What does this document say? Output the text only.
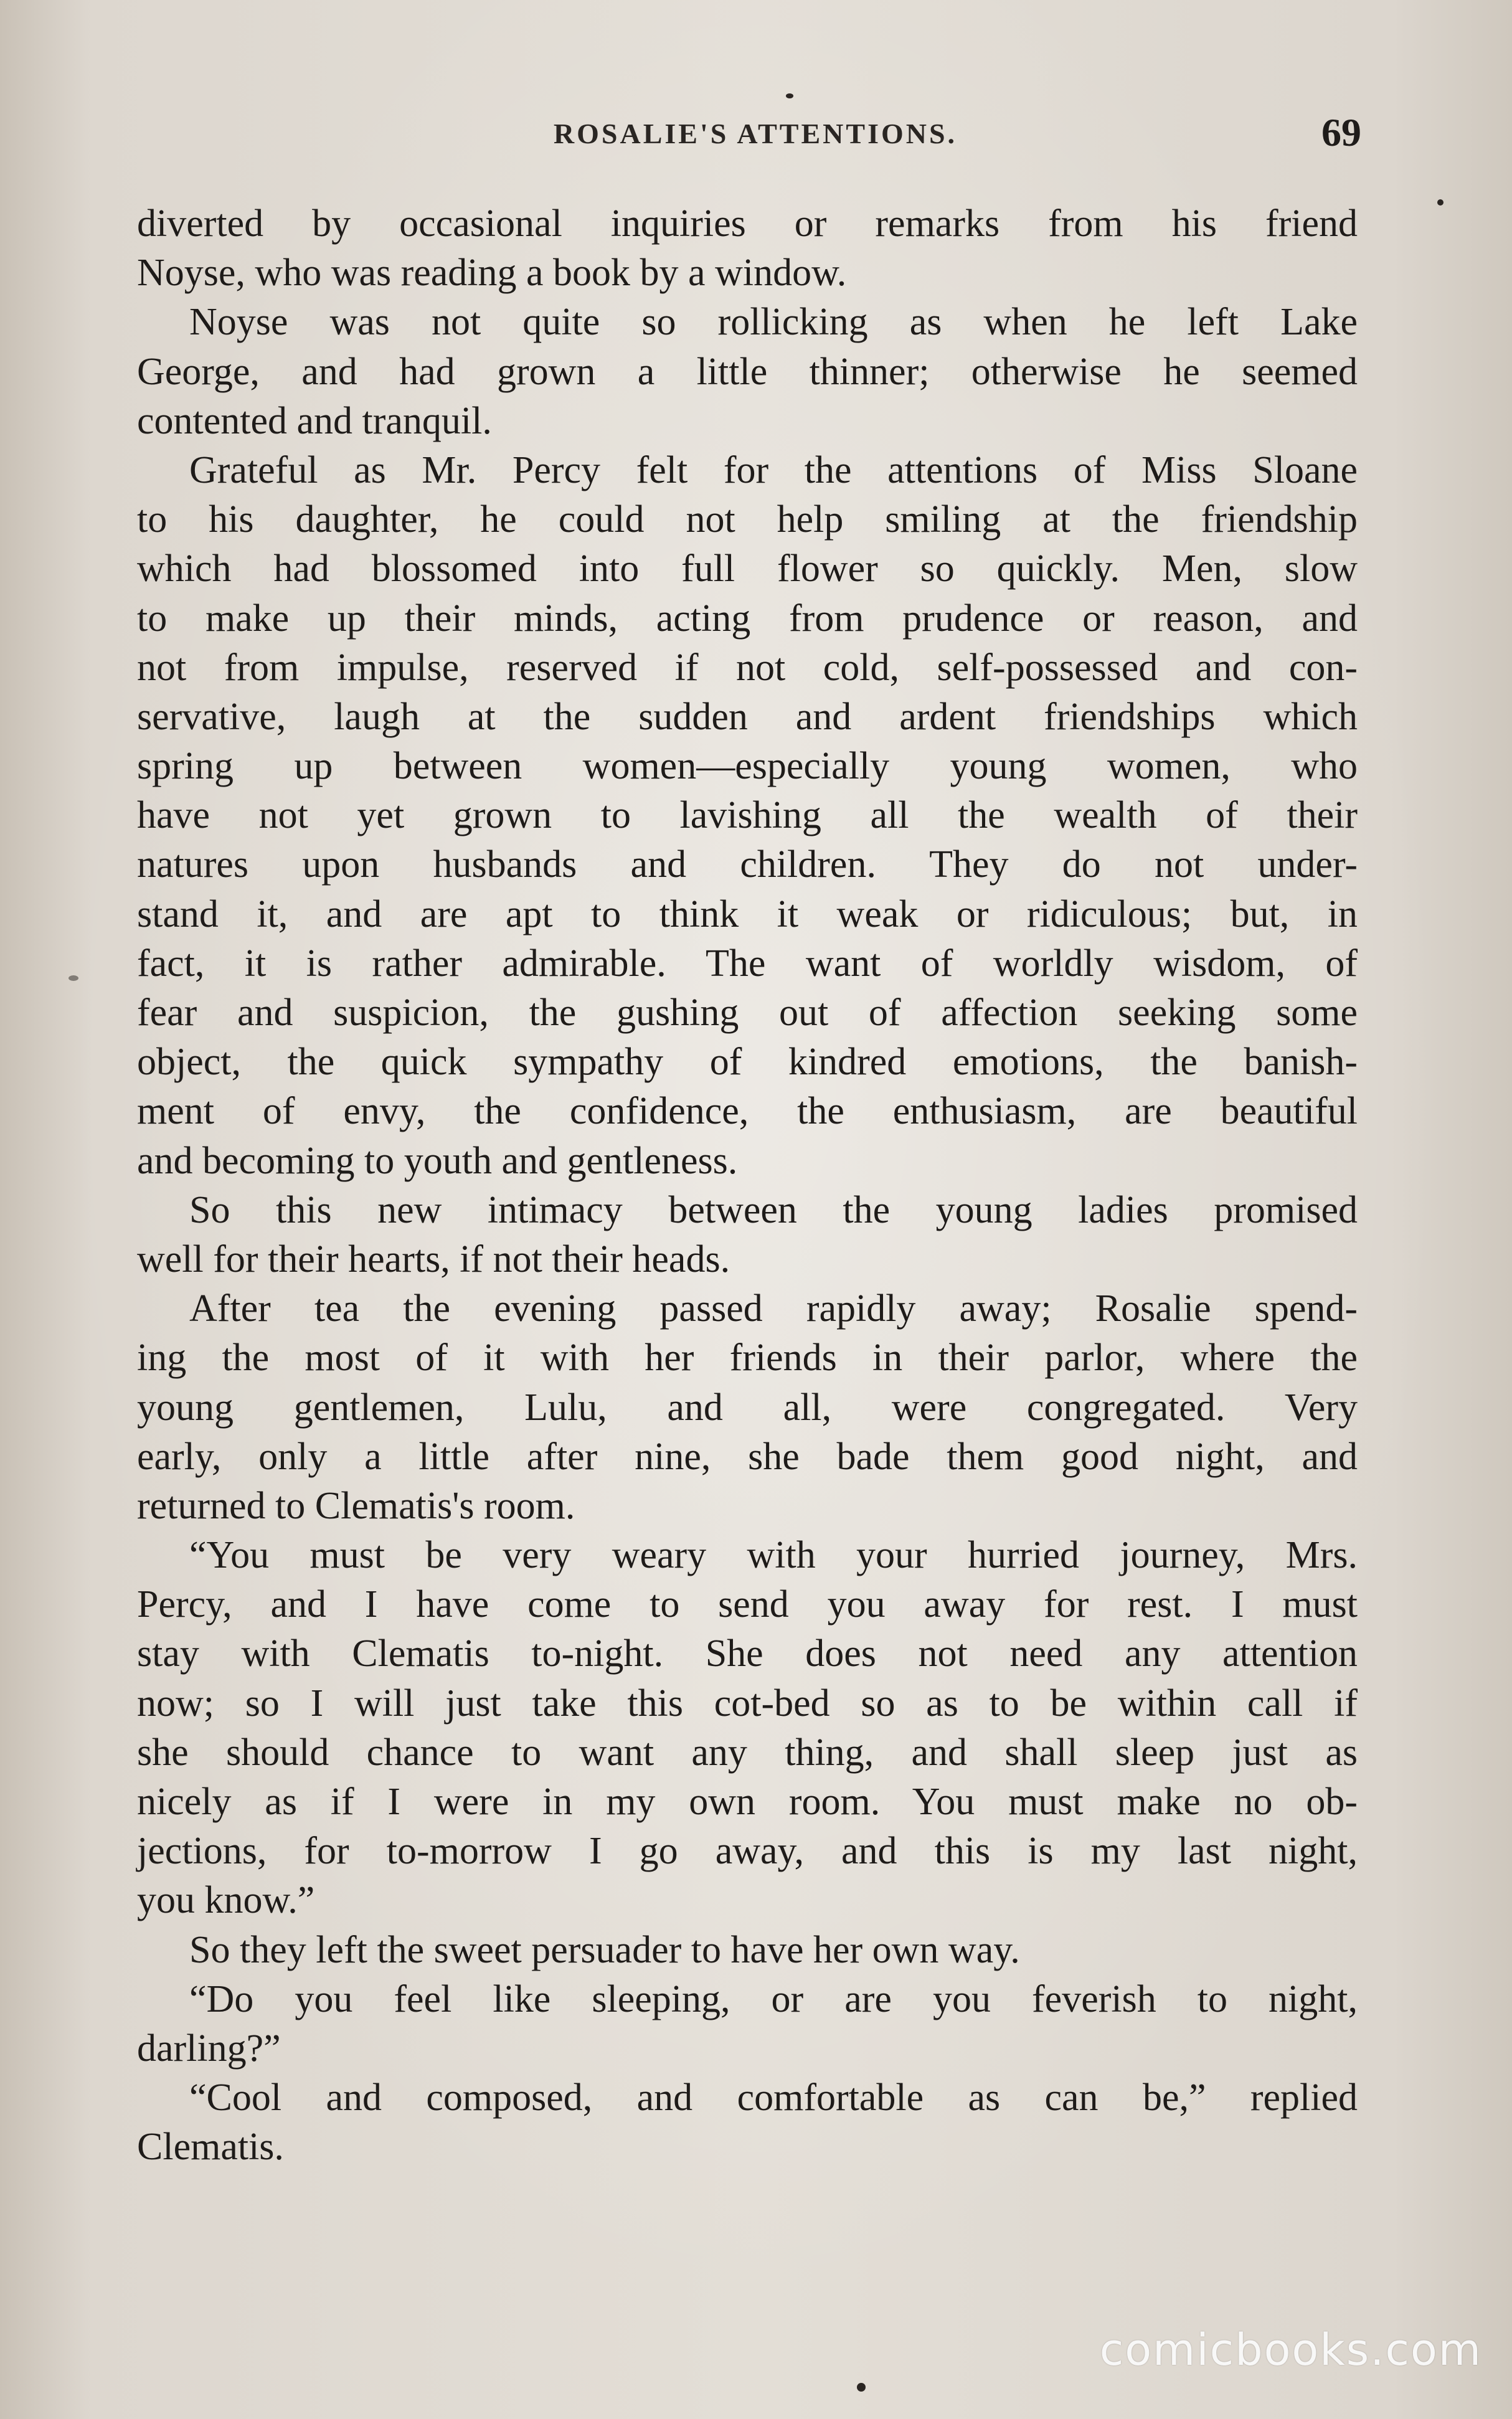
ROSALIE'S ATTENTIONS.	69
diverted by occasional inquiries or remarks from his friend
Noyse, who was reading a book by a window.
Noyse was not quite so rollicking as when he left Lake
George, and had grown a little thinner; otherwise he seemed
contented and tranquil.
Grateful as Mr. Percy felt for the attentions of Miss Sloane
to his daughter, he could not help smiling at the friendship
which had blossomed into full flower so quickly. Men, slow
to make up their minds, acting from prudence or reason, and
not from impulse, reserved if not cold, self-possessed and con-
servative, laugh at the sudden and ardent friendships which
spring up between women—especially young women, who
have not yet grown to lavishing all the wealth of their
natures upon husbands and children. They do not under-
stand it, and are apt to think it weak or ridiculous; but, in
fact, it is rather admirable. The want of worldly wisdom, of
fear and suspicion, the gushing out of affection seeking some
object, the quick sympathy of kindred emotions, the banish-
ment of envy, the confidence, the enthusiasm, are beautiful
and becoming to youth and gentleness.
So this new intimacy between the young ladies promised
well for their hearts, if not their heads.
After tea the evening passed rapidly away; Rosalie spend-
ing the most of it with her friends in their parlor, where the
young gentlemen, Lulu, and all, were congregated. Very
early, only a little after nine, she bade them good night, and
returned to Clematis's room.
“You must be very weary with your hurried journey, Mrs.
Percy, and I have come to send you away for rest. I must
stay with Clematis to-night. She does not need any attention
now; so I will just take this cot-bed so as to be within call if
she should chance to want any thing, and shall sleep just as
nicely as if I were in my own room. You must make no ob-
jections, for to-morrow I go away, and this is my last night,
you know.”
So they left the sweet persuader to have her own way.
“Do you feel like sleeping, or are you feverish to night,
darling?”
“Cool and composed, and comfortable as can be,” replied
Clematis.
comicbooks.com
